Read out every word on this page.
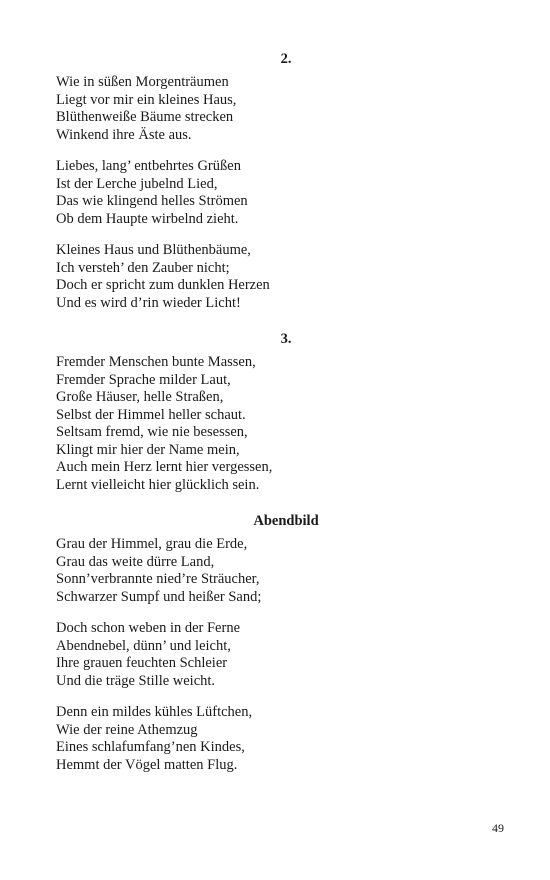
2.
Wie in süßen Morgenträumen
Liegt vor mir ein kleines Haus,
Blüthenweiße Bäume strecken
Winkend ihre Äste aus.
Liebes, lang’ entbehrtes Grüßen
Ist der Lerche jubelnd Lied,
Das wie klingend helles Strömen
Ob dem Haupte wirbelnd zieht.
Kleines Haus und Blüthenbäume,
Ich versteh’ den Zauber nicht;
Doch er spricht zum dunklen Herzen
Und es wird d’rin wieder Licht!
3.
Fremder Menschen bunte Massen,
Fremder Sprache milder Laut,
Große Häuser, helle Straßen,
Selbst der Himmel heller schaut.
Seltsam fremd, wie nie besessen,
Klingt mir hier der Name mein,
Auch mein Herz lernt hier vergessen,
Lernt vielleicht hier glücklich sein.
Abendbild
Grau der Himmel, grau die Erde,
Grau das weite dürre Land,
Sonn’verbrannte nied’re Sträucher,
Schwarzer Sumpf und heißer Sand;
Doch schon weben in der Ferne
Abendnebel, dünn’ und leicht,
Ihre grauen feuchten Schleier
Und die träge Stille weicht.
Denn ein mildes kühles Lüftchen,
Wie der reine Athemzug
Eines schlafumfang’nen Kindes,
Hemmt der Vögel matten Flug.
49
